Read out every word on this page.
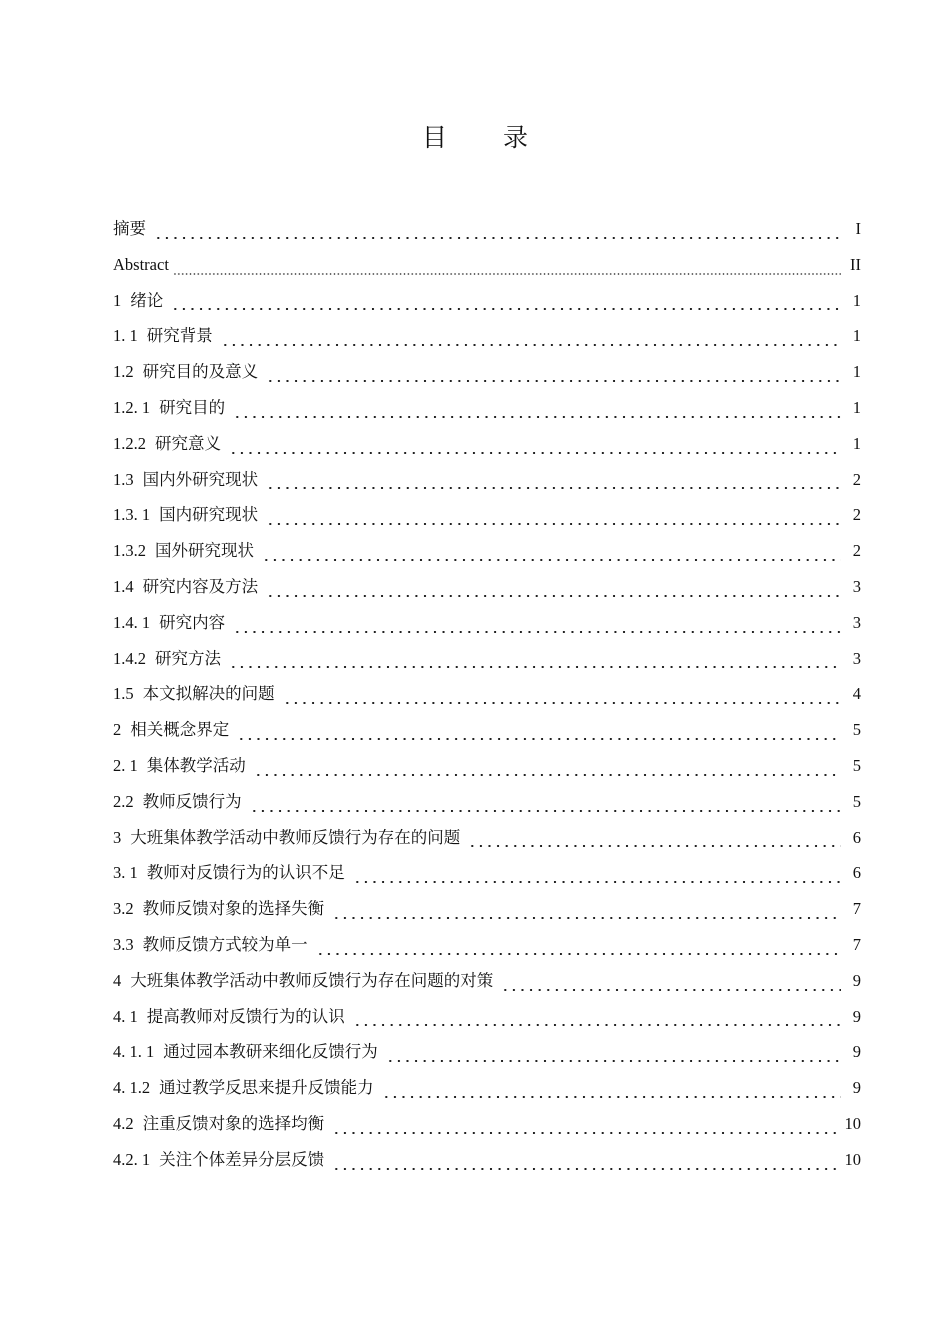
目 录
摘要	I
Abstract	II
1 绪论	1
1. 1 研究背景	1
1.2 研究目的及意义	1
1.2. 1 研究目的	1
1.2.2 研究意义	1
1.3 国内外研究现状	2
1.3. 1 国内研究现状	2
1.3.2 国外研究现状	2
1.4 研究内容及方法	3
1.4. 1 研究内容	3
1.4.2 研究方法	3
1.5 本文拟解决的问题	4
2 相关概念界定	5
2. 1 集体教学活动	5
2.2 教师反馈行为	5
3 大班集体教学活动中教师反馈行为存在的问题	6
3. 1 教师对反馈行为的认识不足	6
3.2 教师反馈对象的选择失衡	7
3.3 教师反馈方式较为单一	7
4 大班集体教学活动中教师反馈行为存在问题的对策	9
4. 1 提高教师对反馈行为的认识	9
4. 1. 1 通过园本教研来细化反馈行为	9
4. 1.2 通过教学反思来提升反馈能力	9
4.2 注重反馈对象的选择均衡	10
4.2. 1 关注个体差异分层反馈	10
